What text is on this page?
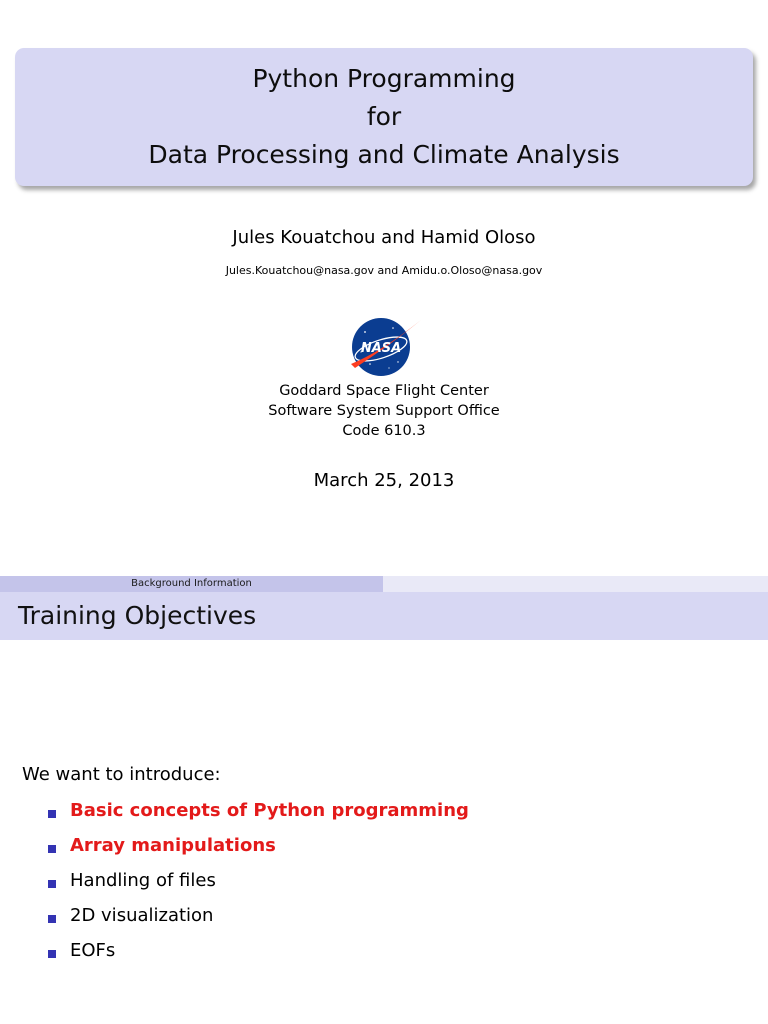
Python Programming
for
Data Processing and Climate Analysis
Jules Kouatchou and Hamid Oloso
Jules.Kouatchou@nasa.gov and Amidu.o.Oloso@nasa.gov
NASA
Goddard Space Flight Center
Software System Support Office
Code 610.3
March 25, 2013
Background Information
Training Objectives
We want to introduce:
Basic concepts of Python programming
Array manipulations
Handling of files
2D visualization
EOFs
